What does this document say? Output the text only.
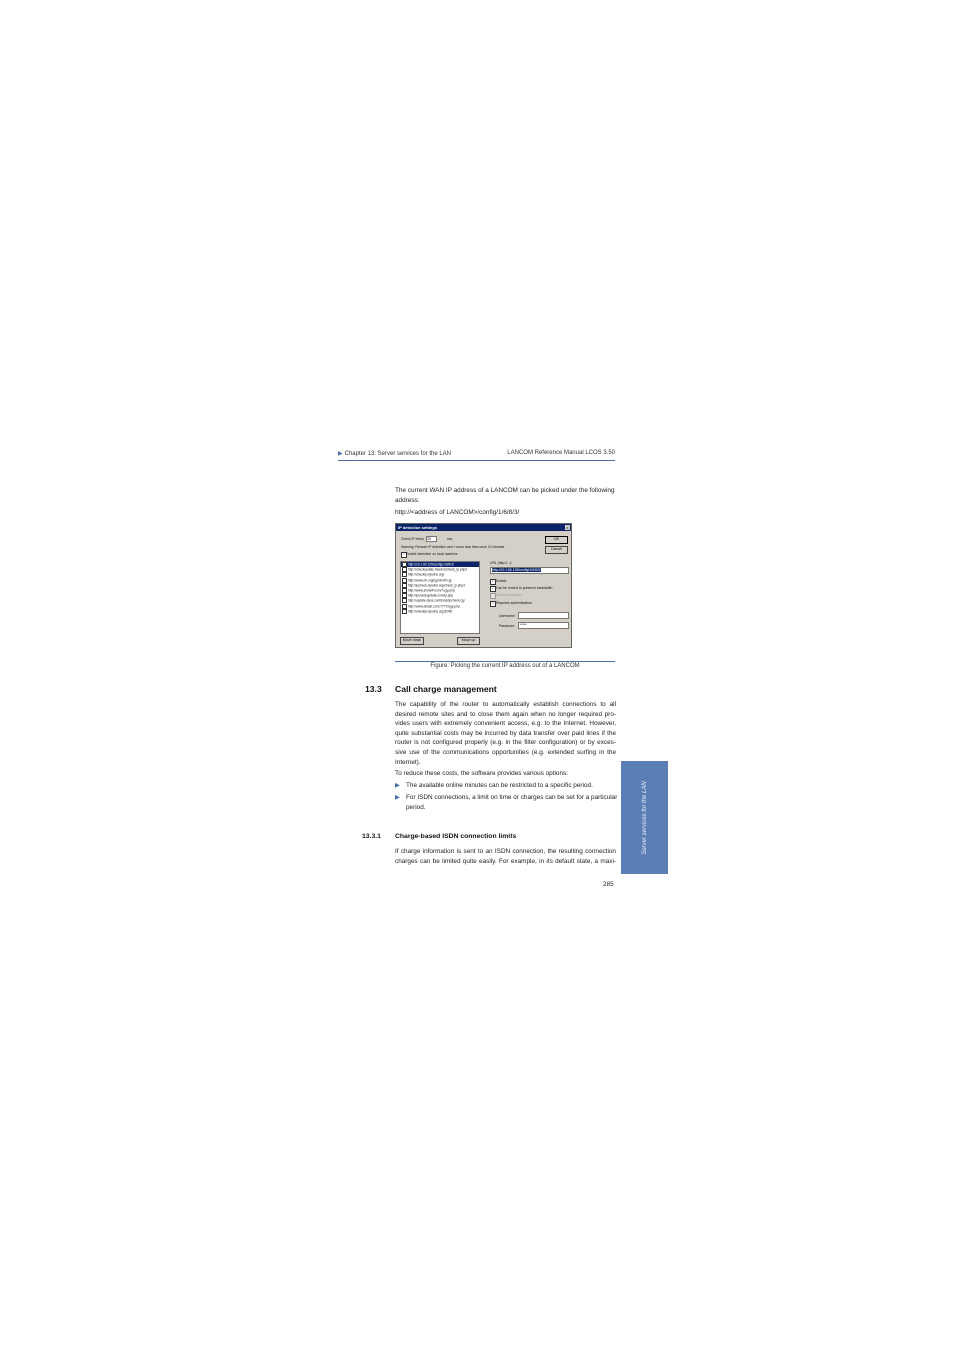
▶ Chapter 13: Server services for the LAN	LANCOM Reference Manual LCOS 3.50
Server services for the LAN
The current WAN IP address of a LANCOM can be picked under the following
address:
http://<address of LANCOM>/config/1/6/8/3/
IP detection settings	x
Check IP every 30	sec.
Warning: Remote IP detection won't occur less than once 10 minutes
✓ Enable detection on local machine
OK
Cancel
http://10.1.80.125/config/1/6/8/3/
http://checkupdate.freedns/check_ip.php3
http://checkip.dyndns.org/
http://www.hn.org/cgi-bin/IP.cgi
http://ipcheck.dyndns.org/check_ip.php3
http://www.showIP.com/?ugp.php
http://ipcheckupdate.com/ip.php
http://update.dyns.com/tools/ipcheck.cgi
http://www.dnsart.com:7777/ugp.php
http://checkip.dyndns.org:8245/
URL (http://...):
http://10.1.80.125/config/1/6/8/3/
✓ Enable
✓ Can be moved to preserve bandwidth
Use proxy server
✓ Requires authentication
Username:
Password:	*****
Move down	Move up
Figure: Picking the current IP address out of a LANCOM
13.3 Call charge management
The capability of the router to automatically establish connections to all
desired remote sites and to close them again when no longer required pro-
vides users with extremely convenient access, e.g. to the Internet. However,
quite substantial costs may be incurred by data transfer over paid lines if the
router is not configured properly (e.g. in the filter configuration) or by exces-
sive use of the communications opportunities (e.g. extended surfing in the
Internet).
To reduce these costs, the software provides various options:
▶ The available online minutes can be restricted to a specific period.
▶ For ISDN connections, a limit on time or charges can be set for a particular
period.
13.3.1 Charge-based ISDN connection limits
If charge information is sent to an ISDN connection, the resulting connection
charges can be limited quite easily. For example, in its default state, a maxi-
285
